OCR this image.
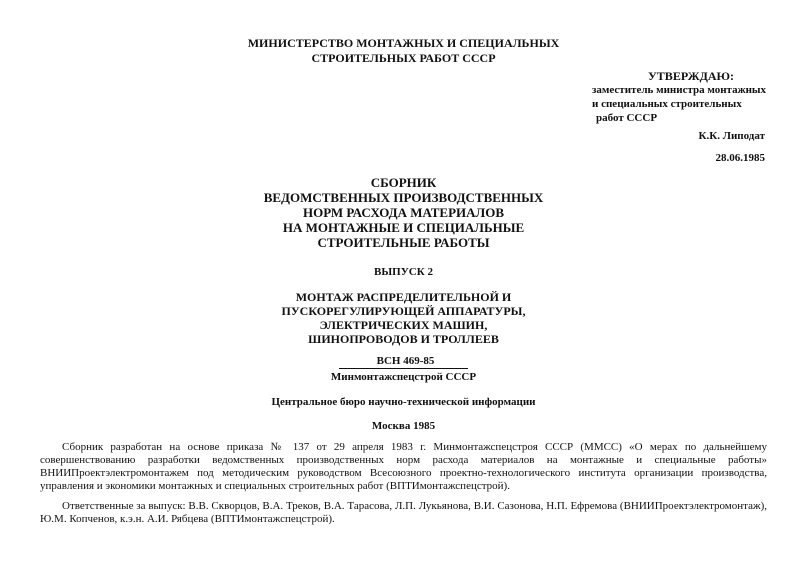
МИНИСТЕРСТВО МОНТАЖНЫХ И СПЕЦИАЛЬНЫХ
СТРОИТЕЛЬНЫХ РАБОТ СССР
УТВЕРЖДАЮ:
заместитель министра монтажных
и специальных строительных
работ СССР
К.К. Липодат
28.06.1985
СБОРНИК
ВЕДОМСТВЕННЫХ ПРОИЗВОДСТВЕННЫХ
НОРМ РАСХОДА МАТЕРИАЛОВ
НА МОНТАЖНЫЕ И СПЕЦИАЛЬНЫЕ
СТРОИТЕЛЬНЫЕ РАБОТЫ
ВЫПУСК 2
МОНТАЖ РАСПРЕДЕЛИТЕЛЬНОЙ И
ПУСКОРЕГУЛИРУЮЩЕЙ АППАРАТУРЫ,
ЭЛЕКТРИЧЕСКИХ МАШИН,
ШИНОПРОВОДОВ И ТРОЛЛЕЕВ
ВСН 469-85
Минмонтажспецстрой СССР
Центральное бюро научно-технической информации
Москва 1985

Сборник разработан на основе приказа № 137 от 29 апреля 1983 г. Минмонтажспецстроя СССР (ММСС) «О мерах по дальнейшему совершенствованию разработки ведомственных производственных норм расхода материалов на монтажные и специальные работы» ВНИИПроектэлектромонтажем под методическим руководством Всесоюзного проектно-технологического института организации производства, управления и экономики монтажных и специальных строительных работ (ВПТИмонтажспецстрой).

Ответственные за выпуск: В.В. Скворцов, В.А. Треков, В.А. Тарасова, Л.П. Лукьянова, В.И. Сазонова, Н.П. Ефремова (ВНИИПроектэлектромонтаж), Ю.М. Копченов, к.э.н. А.И. Рябцева (ВПТИмонтажспецстрой).
